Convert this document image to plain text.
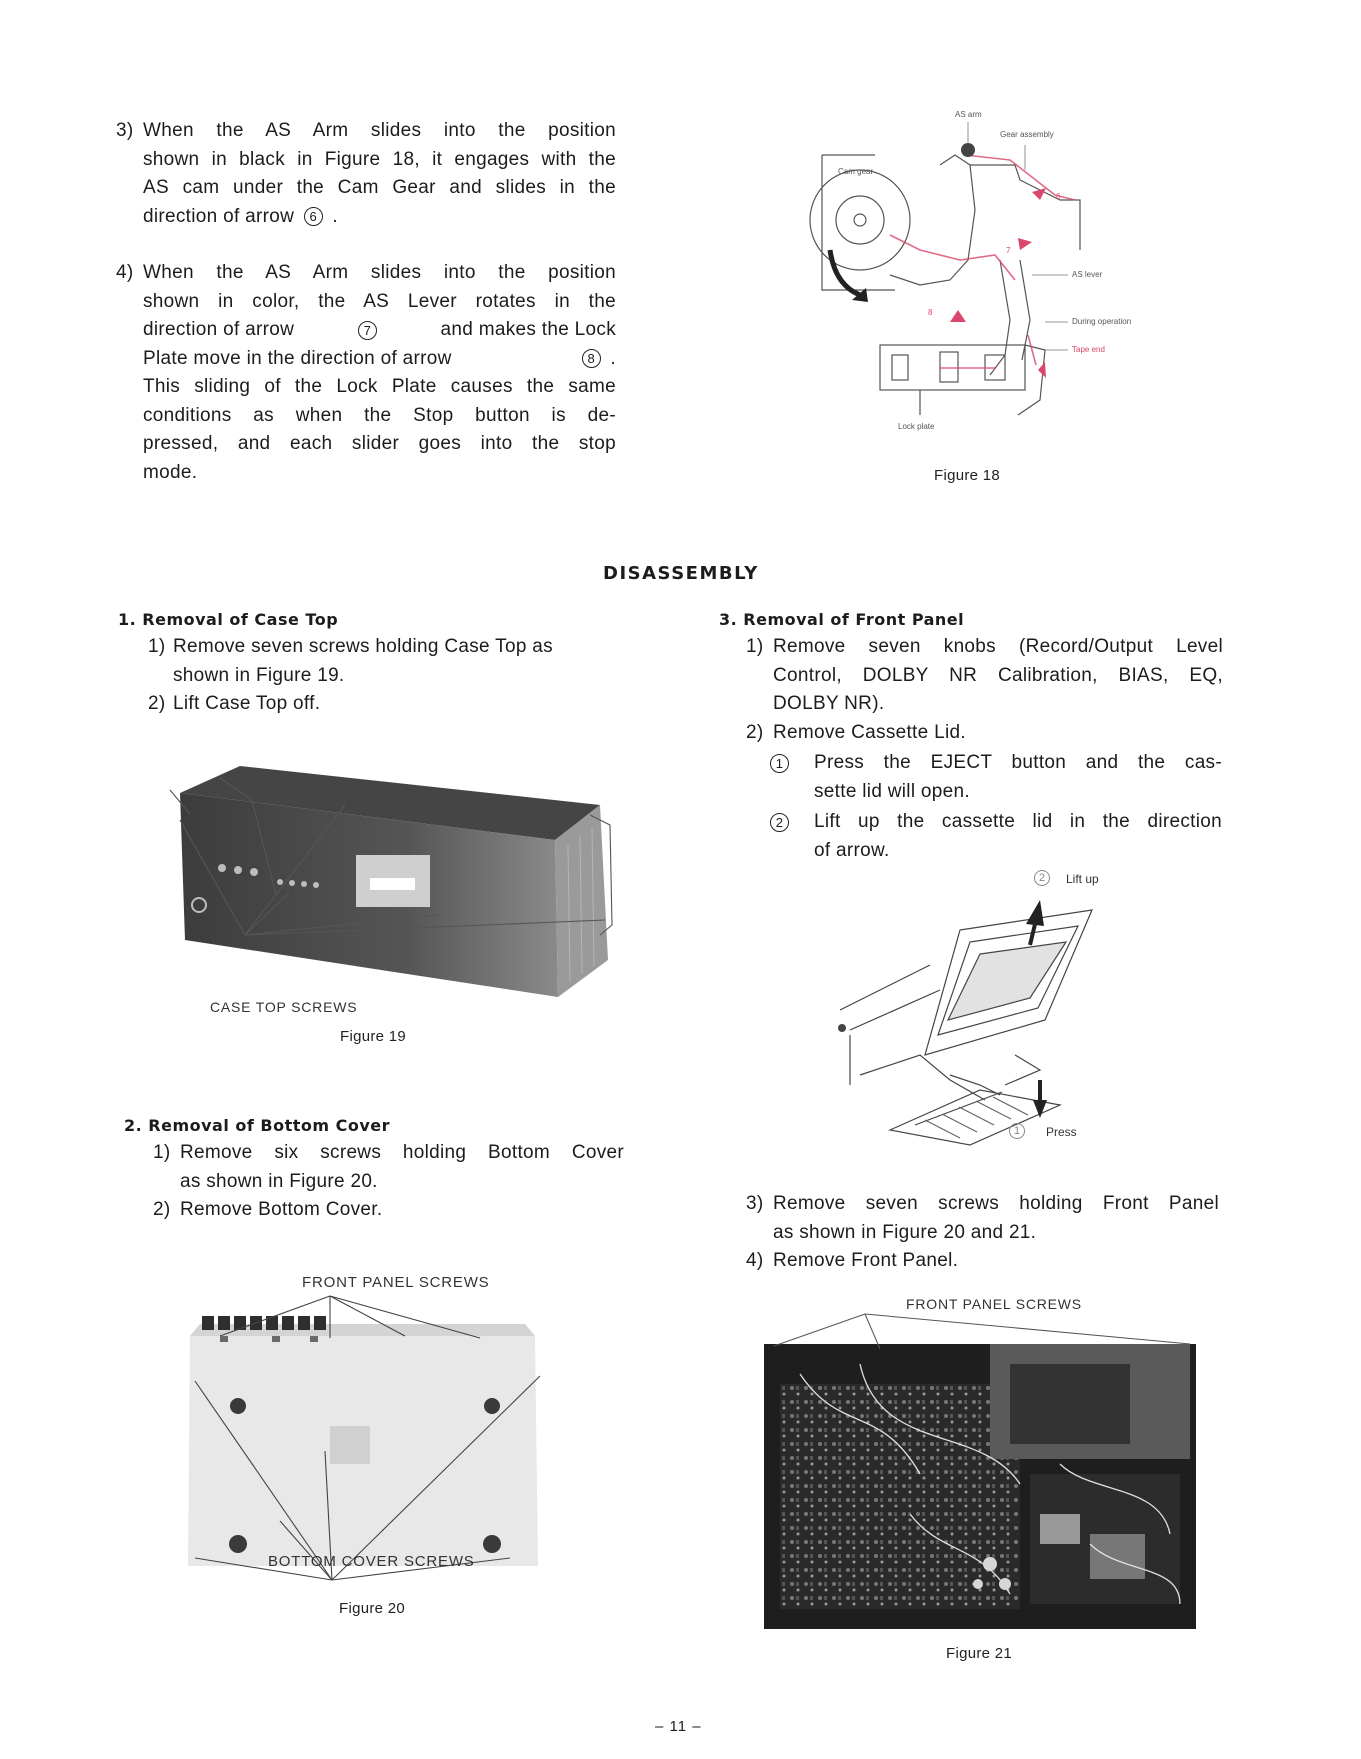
3) When the AS Arm slides into the position
shown in black in Figure 18, it engages with the
AS cam under the Cam Gear and slides in the
direction of arrow 6 .
4) When the AS Arm slides into the position
shown in color, the AS Lever rotates in the
direction of arrow	7	and makes the Lock
Plate move in the direction of arrow	8 .
This sliding of the Lock Plate causes the same
conditions as when the Stop button is de-
pressed, and each slider goes into the stop
mode.
AS arm
Gear assembly
Cam gear
AS lever
During operation
Tape end
Lock plate
6
7
8
Figure 18
DISASSEMBLY
1. Removal of Case Top
1) Remove seven screws holding Case Top as
shown in Figure 19.
2) Lift Case Top off.
CASE TOP SCREWS
Figure 19
2. Removal of Bottom Cover
1) Remove six screws holding Bottom Cover
as shown in Figure 20.
2) Remove Bottom Cover.
FRONT PANEL SCREWS
BOTTOM COVER SCREWS
Figure 20
3. Removal of Front Panel
1) Remove seven knobs (Record/Output Level
Control, DOLBY NR Calibration, BIAS, EQ,
DOLBY NR).
2) Remove Cassette Lid.
1	Press the EJECT button and the cas-
sette lid will open.
2	Lift up the cassette lid in the direction
of arrow.
2	Lift up
1	Press
3) Remove seven screws holding Front Panel
as shown in Figure 20 and 21.
4) Remove Front Panel.
FRONT PANEL SCREWS
Figure 21
– 11 –
